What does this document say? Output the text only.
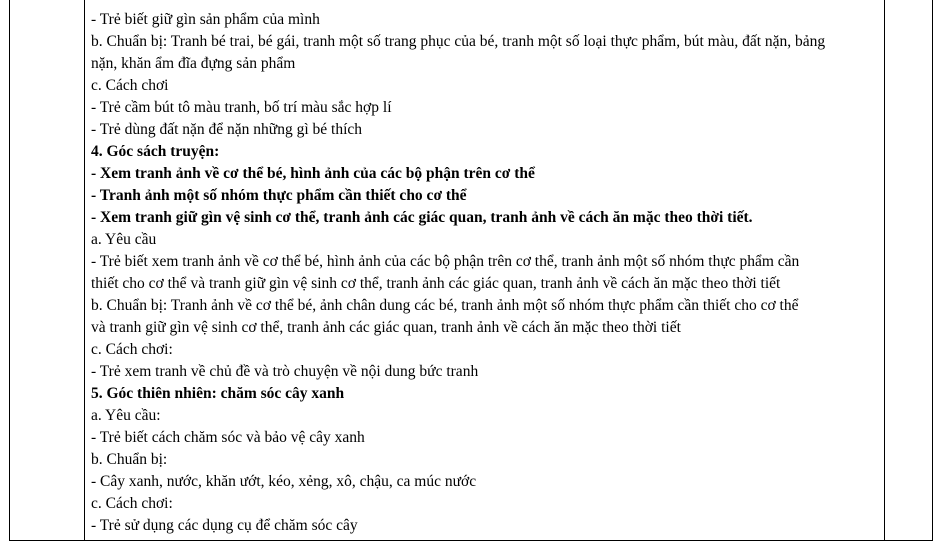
- Trẻ biết giữ gìn sản phẩm của mình
b. Chuẩn bị: Tranh bé trai, bé gái, tranh một số trang phục của bé, tranh một số loại thực phẩm, bút màu, đất nặn, bảng
nặn, khăn ẩm đĩa đựng sản phẩm
c. Cách chơi
- Trẻ cầm bút tô màu tranh, bố trí màu sắc hợp lí
- Trẻ dùng đất nặn để nặn những gì bé thích
4. Góc sách truyện:
- Xem tranh ảnh về cơ thể bé, hình ảnh của các bộ phận trên cơ thể
- Tranh ảnh một số nhóm thực phẩm cần thiết cho cơ thể
- Xem tranh giữ gìn vệ sinh cơ thể, tranh ảnh các giác quan, tranh ảnh về cách ăn mặc theo thời tiết.
a. Yêu cầu
- Trẻ biết xem tranh ảnh về cơ thể bé, hình ảnh của các bộ phận trên cơ thể, tranh ảnh một số nhóm thực phẩm cần
thiết cho cơ thể và tranh giữ gìn vệ sinh cơ thể, tranh ảnh các giác quan, tranh ảnh về cách ăn mặc theo thời tiết
b. Chuẩn bị: Tranh ảnh về cơ thể bé, ảnh chân dung các bé, tranh ảnh một số nhóm thực phẩm cần thiết cho cơ thể
và tranh giữ gìn vệ sinh cơ thể, tranh ảnh các giác quan, tranh ảnh về cách ăn mặc theo thời tiết
c. Cách chơi:
- Trẻ xem tranh về chủ đề và trò chuyện về nội dung bức tranh
5. Góc thiên nhiên: chăm sóc cây xanh
a. Yêu cầu:
- Trẻ biết cách chăm sóc và bảo vệ cây xanh
b. Chuẩn bị:
- Cây xanh, nước, khăn ướt, kéo, xẻng, xô, chậu, ca múc nước
c. Cách chơi:
- Trẻ sử dụng các dụng cụ để chăm sóc cây
